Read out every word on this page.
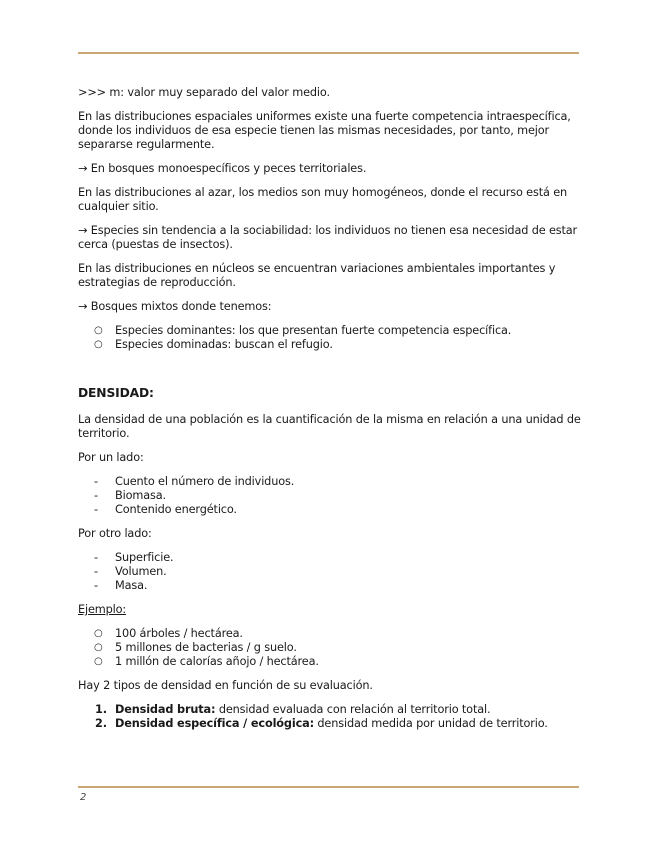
>>> m: valor muy separado del valor medio.

En las distribuciones espaciales uniformes existe una fuerte competencia intraespecífica, donde los individuos de esa especie tienen las mismas necesidades, por tanto, mejor separarse regularmente.

→ En bosques monoespecíficos y peces territoriales.

En las distribuciones al azar, los medios son muy homogéneos, donde el recurso está en cualquier sitio.

→ Especies sin tendencia a la sociabilidad: los individuos no tienen esa necesidad de estar cerca (puestas de insectos).

En las distribuciones en núcleos se encuentran variaciones ambientales importantes y estrategias de reproducción.

→ Bosques mixtos donde tenemos:

○ Especies dominantes: los que presentan fuerte competencia específica.
○ Especies dominadas: buscan el refugio.
DENSIDAD:

La densidad de una población es la cuantificación de la misma en relación a una unidad de territorio.

Por un lado:

- Cuento el número de individuos.
- Biomasa.
- Contenido energético.

Por otro lado:

- Superficie.
- Volumen.
- Masa.

Ejemplo:

○ 100 árboles / hectárea.
○ 5 millones de bacterias / g suelo.
○ 1 millón de calorías añojo / hectárea.

Hay 2 tipos de densidad en función de su evaluación.

1. Densidad bruta: densidad evaluada con relación al territorio total.
2. Densidad específica / ecológica: densidad medida por unidad de territorio.
2
